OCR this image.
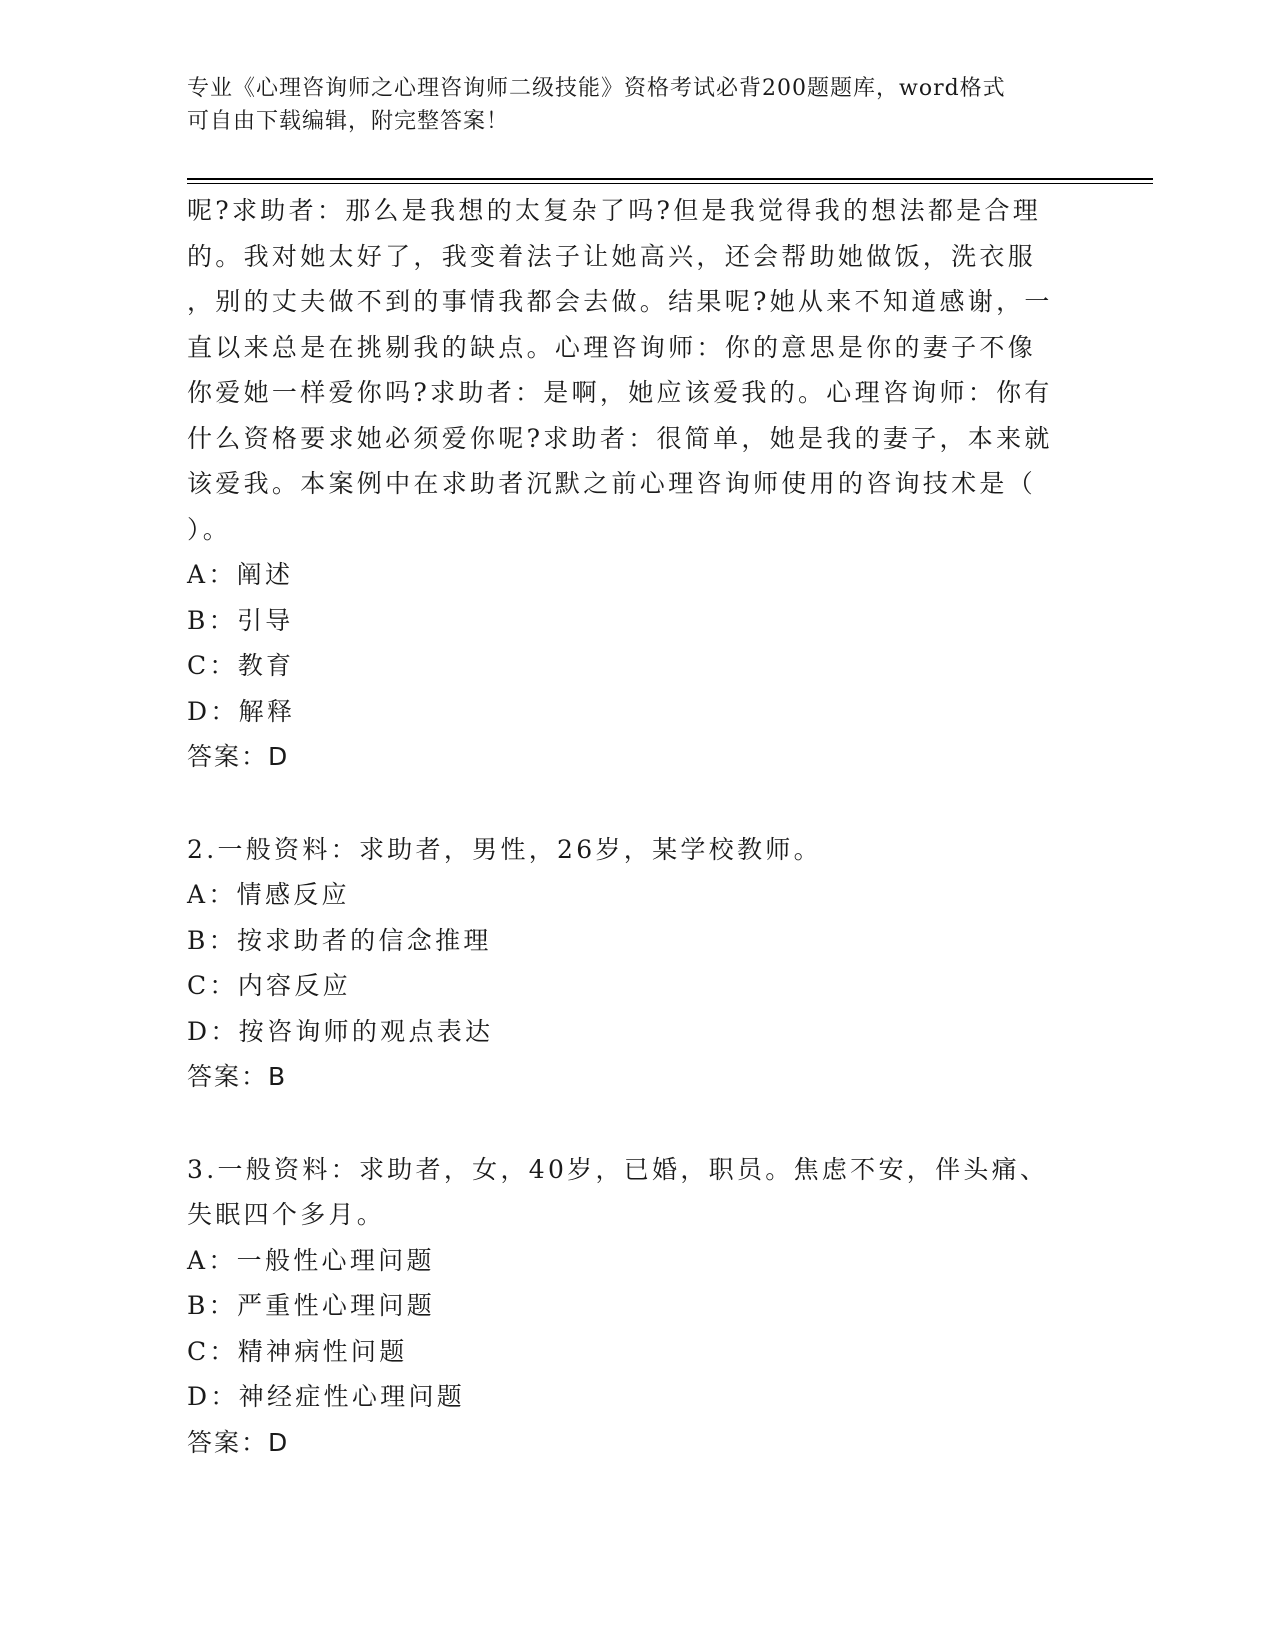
专业《心理咨询师之心理咨询师二级技能》资格考试必背200题题库，word格式
可自由下载编辑，附完整答案！
呢?求助者：那么是我想的太复杂了吗?但是我觉得我的想法都是合理
的。我对她太好了，我变着法子让她高兴，还会帮助她做饭，洗衣服
，别的丈夫做不到的事情我都会去做。结果呢?她从来不知道感谢，一
直以来总是在挑剔我的缺点。心理咨询师：你的意思是你的妻子不像
你爱她一样爱你吗?求助者：是啊，她应该爱我的。心理咨询师：你有
什么资格要求她必须爱你呢?求助者：很简单，她是我的妻子，本来就
该爱我。本案例中在求助者沉默之前心理咨询师使用的咨询技术是（
）。
A：阐述
B：引导
C：教育
D：解释
答案：D
2.一般资料：求助者，男性，26岁，某学校教师。
A：情感反应
B：按求助者的信念推理
C：内容反应
D：按咨询师的观点表达
答案：B
3.一般资料：求助者，女，40岁，已婚，职员。焦虑不安，伴头痛、
失眠四个多月。
A：一般性心理问题
B：严重性心理问题
C：精神病性问题
D：神经症性心理问题
答案：D
